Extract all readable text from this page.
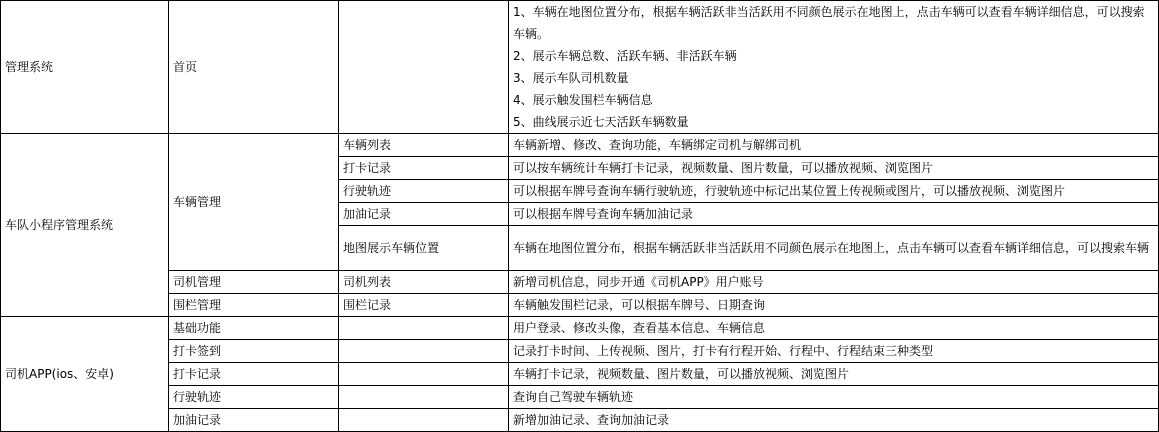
管理系统	首页		1、车辆在地图位置分布，根据车辆活跃非当活跃用不同颜色展示在地图上，点击车辆可以查看车辆详细信息，可以搜索车辆。
2、展示车辆总数、活跃车辆、非活跃车辆
3、展示车队司机数量
4、展示触发围栏车辆信息
5、曲线展示近七天活跃车辆数量

车队小程序管理系统	车辆管理	车辆列表	车辆新增、修改、查询功能，车辆绑定司机与解绑司机
		打卡记录	可以按车辆统计车辆打卡记录，视频数量、图片数量，可以播放视频、浏览图片
		行驶轨迹	可以根据车牌号查询车辆行驶轨迹，行驶轨迹中标记出某位置上传视频或图片，可以播放视频、浏览图片
		加油记录	可以根据车牌号查询车辆加油记录
		地图展示车辆位置	车辆在地图位置分布，根据车辆活跃非当活跃用不同颜色展示在地图上，点击车辆可以查看车辆详细信息，可以搜索车辆
	司机管理	司机列表	新增司机信息，同步开通《司机APP》用户账号
	围栏管理	围栏记录	车辆触发围栏记录，可以根据车牌号、日期查询
司机APP(ios、安卓)	基础功能		用户登录、修改头像，查看基本信息、车辆信息
	打卡签到		记录打卡时间、上传视频、图片，打卡有行程开始、行程中、行程结束三种类型
	打卡记录		车辆打卡记录，视频数量、图片数量，可以播放视频、浏览图片
	行驶轨迹		查询自己驾驶车辆轨迹
	加油记录		新增加油记录、查询加油记录
